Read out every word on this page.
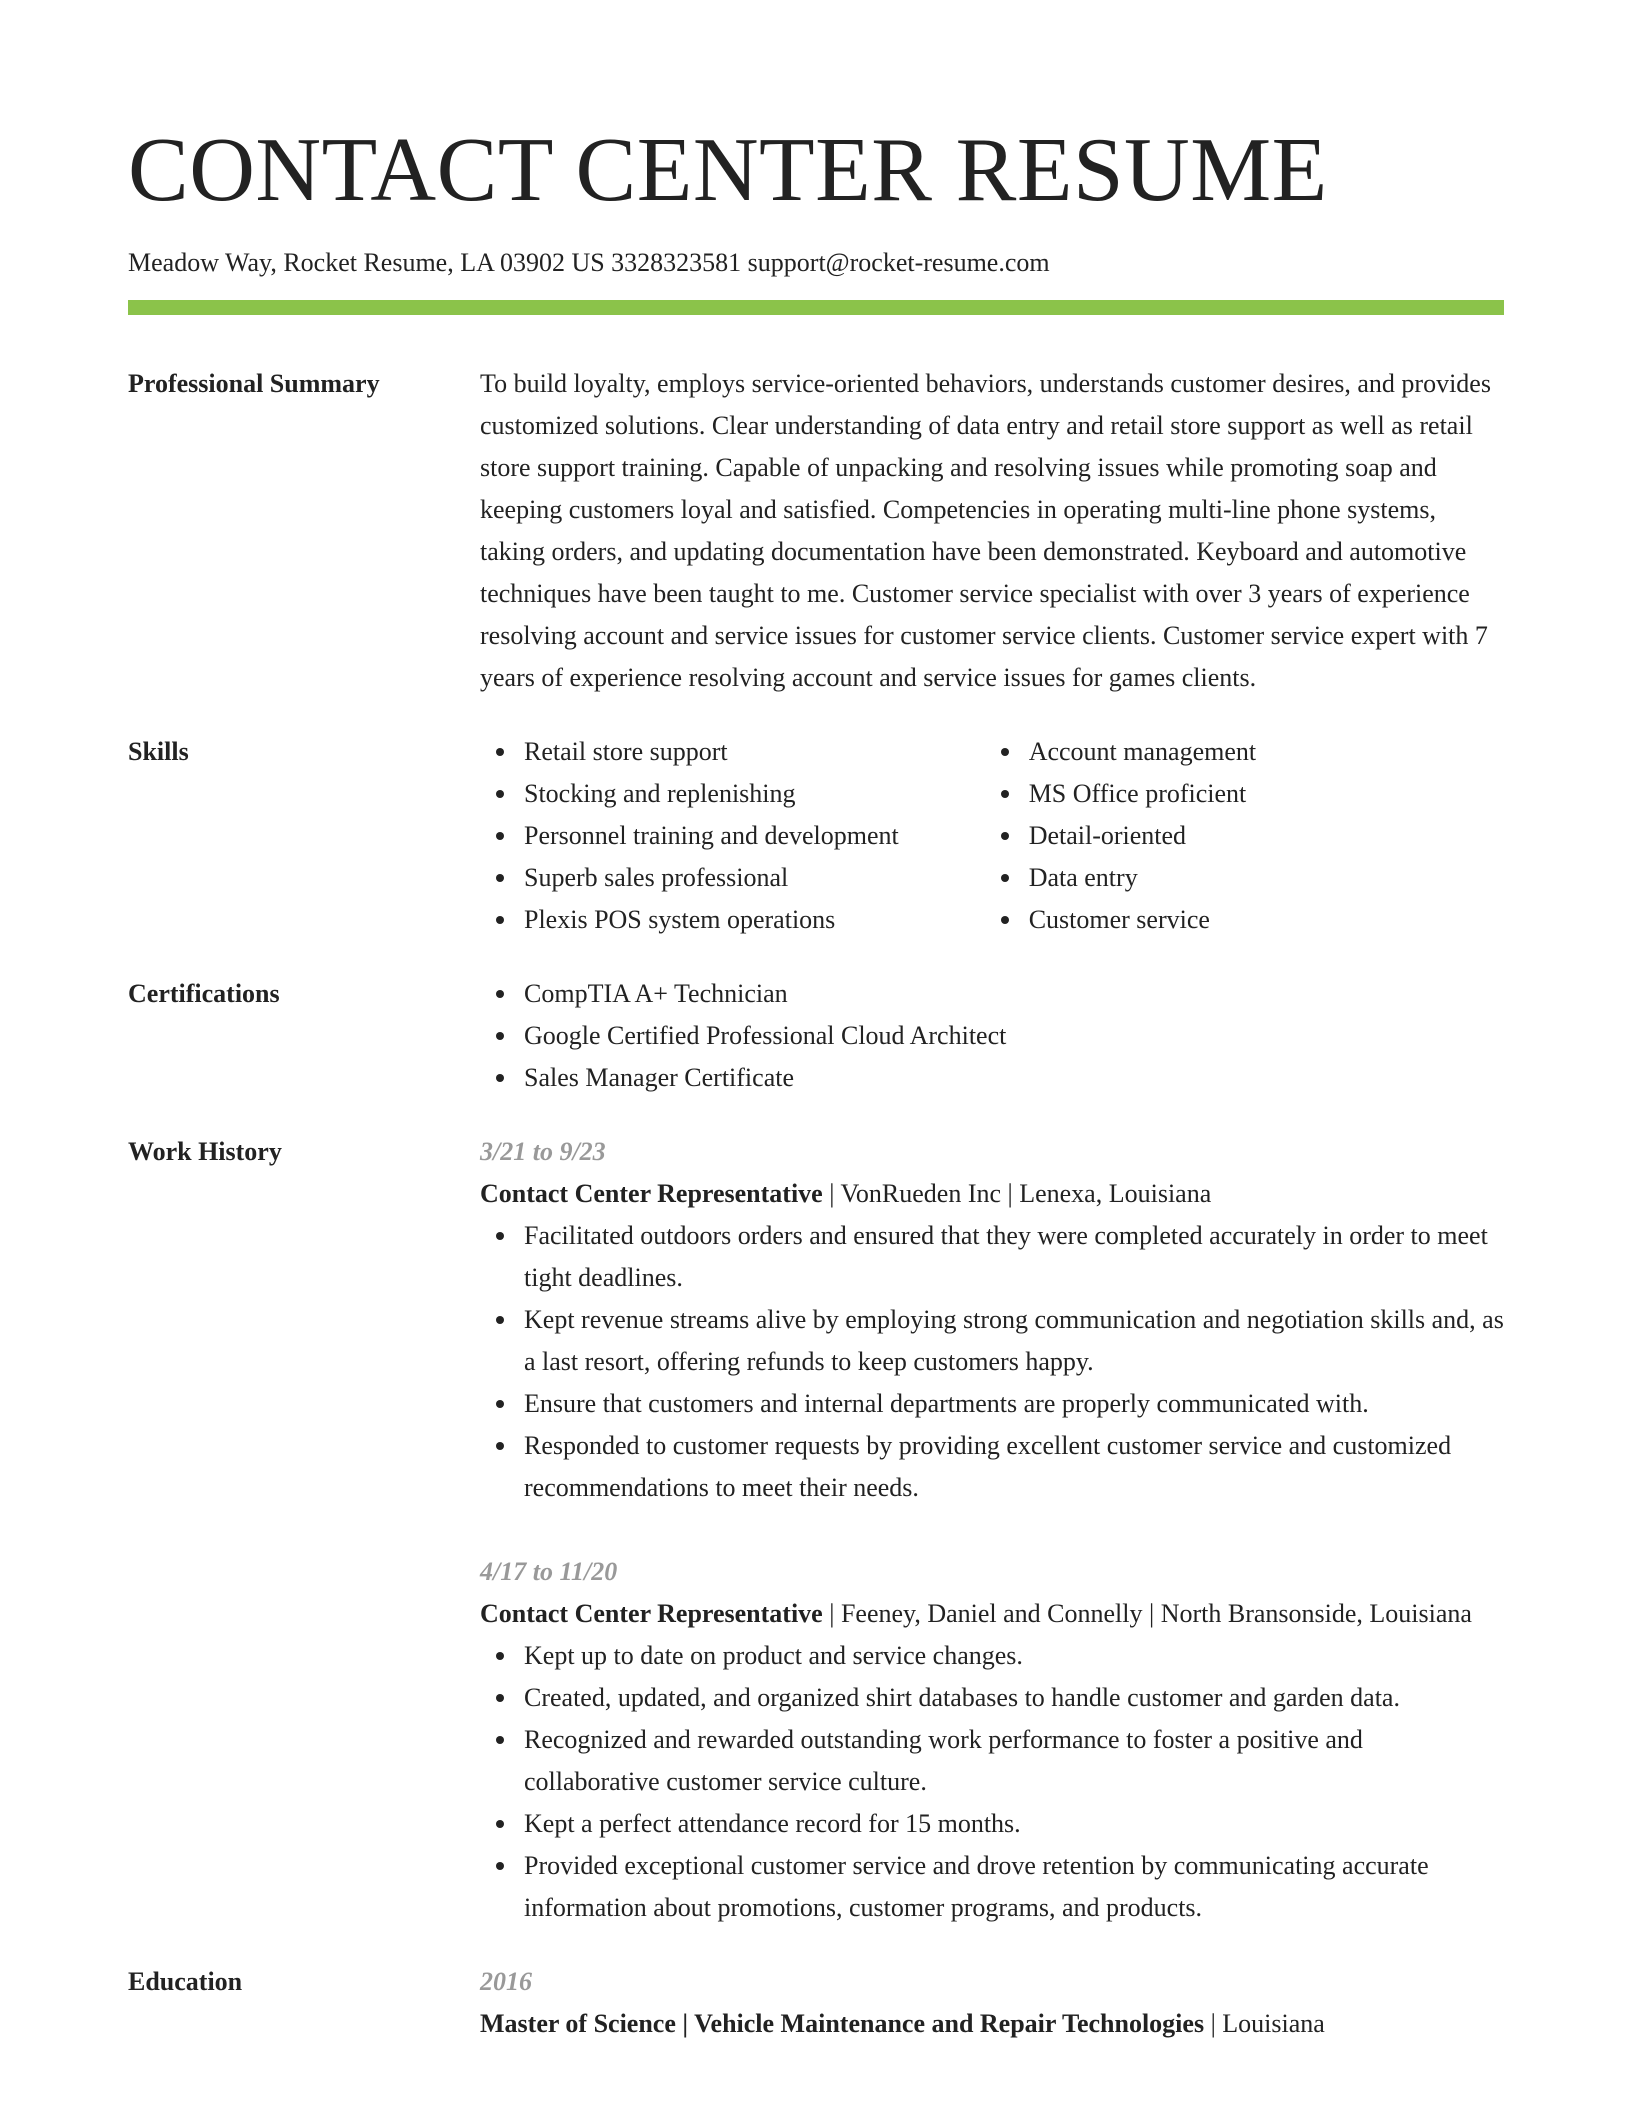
CONTACT CENTER RESUME
Meadow Way, Rocket Resume, LA 03902 US 3328323581 support@rocket-resume.com
Professional Summary	To build loyalty, employs service-oriented behaviors, understands customer desires, and provides customized solutions. Clear understanding of data entry and retail store support as well as retail store support training. Capable of unpacking and resolving issues while promoting soap and keeping customers loyal and satisfied. Competencies in operating multi-line phone systems, taking orders, and updating documentation have been demonstrated. Keyboard and automotive techniques have been taught to me. Customer service specialist with over 3 years of experience resolving account and service issues for customer service clients. Customer service expert with 7 years of experience resolving account and service issues for games clients.

Skills	Retail store support
Stocking and replenishing
Personnel training and development
Superb sales professional
Plexis POS system operations
Account management
MS Office proficient
Detail-oriented
Data entry
Customer service
Certifications	CompTIA A+ Technician
Google Certified Professional Cloud Architect
Sales Manager Certificate
Work History	3/21 to 9/23
Contact Center Representative | VonRueden Inc | Lenexa, Louisiana
Facilitated outdoors orders and ensured that they were completed accurately in order to meet tight deadlines.
Kept revenue streams alive by employing strong communication and negotiation skills and, as a last resort, offering refunds to keep customers happy.
Ensure that customers and internal departments are properly communicated with.
Responded to customer requests by providing excellent customer service and customized recommendations to meet their needs.
4/17 to 11/20
Contact Center Representative | Feeney, Daniel and Connelly | North Bransonside, Louisiana
Kept up to date on product and service changes.
Created, updated, and organized shirt databases to handle customer and garden data.
Recognized and rewarded outstanding work performance to foster a positive and collaborative customer service culture.
Kept a perfect attendance record for 15 months.
Provided exceptional customer service and drove retention by communicating accurate information about promotions, customer programs, and products.
Education	2016
Master of Science | Vehicle Maintenance and Repair Technologies | Louisiana
